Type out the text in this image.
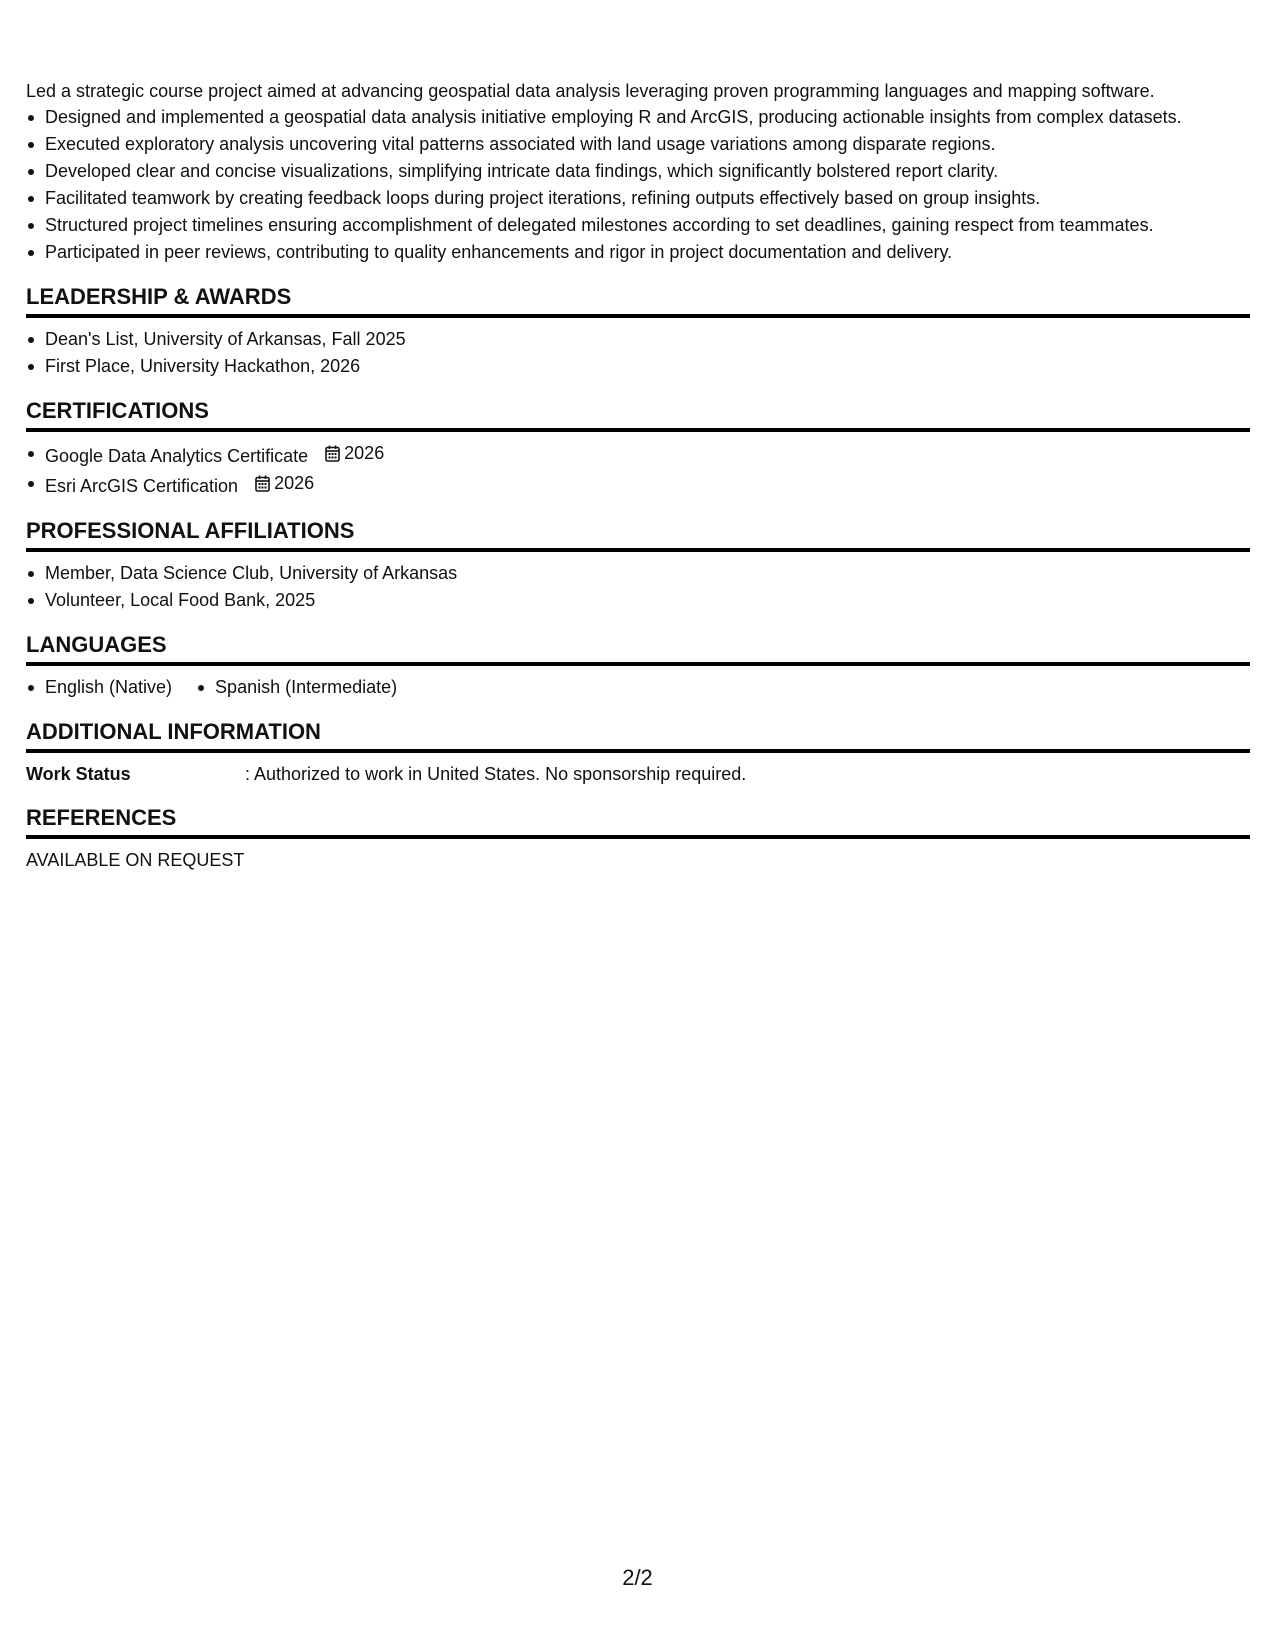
Led a strategic course project aimed at advancing geospatial data analysis leveraging proven programming languages and mapping software.

Designed and implemented a geospatial data analysis initiative employing R and ArcGIS, producing actionable insights from complex datasets.
Executed exploratory analysis uncovering vital patterns associated with land usage variations among disparate regions.
Developed clear and concise visualizations, simplifying intricate data findings, which significantly bolstered report clarity.
Facilitated teamwork by creating feedback loops during project iterations, refining outputs effectively based on group insights.
Structured project timelines ensuring accomplishment of delegated milestones according to set deadlines, gaining respect from teammates.
Participated in peer reviews, contributing to quality enhancements and rigor in project documentation and delivery.
LEADERSHIP & AWARDS
Dean's List, University of Arkansas, Fall 2025
First Place, University Hackathon, 2026
CERTIFICATIONS
Google Data Analytics Certificate 2026
Esri ArcGIS Certification 2026
PROFESSIONAL AFFILIATIONS
Member, Data Science Club, University of Arkansas
Volunteer, Local Food Bank, 2025
LANGUAGES
English (Native)	Spanish (Intermediate)
ADDITIONAL INFORMATION
Work Status	: Authorized to work in United States. No sponsorship required.
REFERENCES
AVAILABLE ON REQUEST
2/2
